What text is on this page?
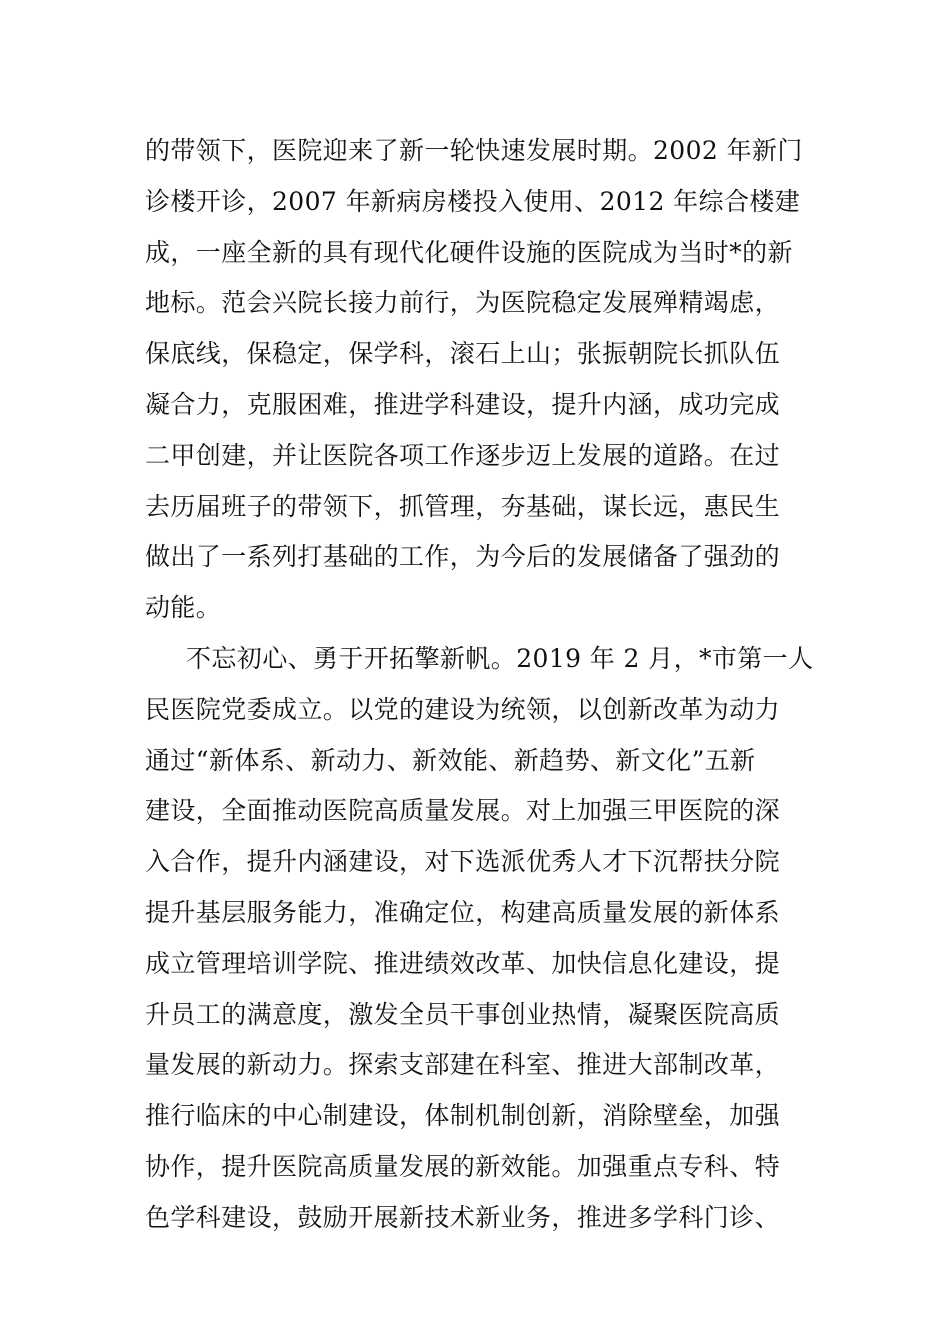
的带领下，医院迎来了新一轮快速发展时期。2002 年新门
诊楼开诊，2007 年新病房楼投入使用、2012 年综合楼建
成，一座全新的具有现代化硬件设施的医院成为当时*的新
地标。范会兴院长接力前行，为医院稳定发展殚精竭虑，
保底线，保稳定，保学科，滚石上山；张振朝院长抓队伍
凝合力，克服困难，推进学科建设，提升内涵，成功完成
二甲创建，并让医院各项工作逐步迈上发展的道路。在过
去历届班子的带领下，抓管理，夯基础，谋长远，惠民生
做出了一系列打基础的工作，为今后的发展储备了强劲的
动能。
不忘初心、勇于开拓擎新帆。2019 年 2 月，*市第一人
民医院党委成立。以党的建设为统领，以创新改革为动力
通过“新体系、新动力、新效能、新趋势、新文化”五新
建设，全面推动医院高质量发展。对上加强三甲医院的深
入合作，提升内涵建设，对下选派优秀人才下沉帮扶分院
提升基层服务能力，准确定位，构建高质量发展的新体系
成立管理培训学院、推进绩效改革、加快信息化建设，提
升员工的满意度，激发全员干事创业热情，凝聚医院高质
量发展的新动力。探索支部建在科室、推进大部制改革，
推行临床的中心制建设，体制机制创新，消除壁垒，加强
协作，提升医院高质量发展的新效能。加强重点专科、特
色学科建设，鼓励开展新技术新业务，推进多学科门诊、
